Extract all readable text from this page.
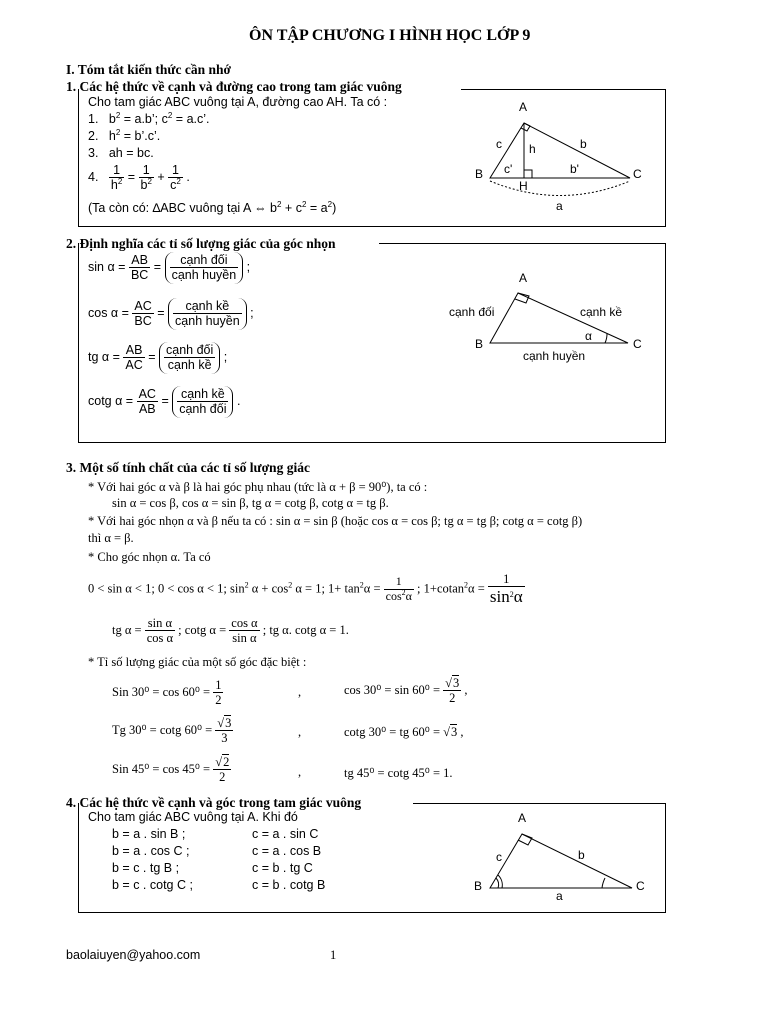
ÔN TẬP CHƯƠNG I HÌNH HỌC LỚP 9
I. Tóm tắt kiến thức cần nhớ
1. Các hệ thức về cạnh và đường cao trong tam giác vuông
Cho tam giác ABC vuông tại A, đường cao AH. Ta có :
1.   $b^2 = a.b$’; $c^2 = a.c$’.
2.   $h^2$ = b’.c’.
3. ah = bc.
4. $\frac{1}{h^2} = \frac{1}{b^2} + \frac{1}{c^2}$ .
(Ta còn có: ∆ABC vuông tại A ⇔ $b^2 + c^2 = a^2$)
A
B	C
H
c	b
h
c'	b'
a
2. Định nghĩa các tỉ số lượng giác của góc nhọn
$\sin \alpha = \frac{AB}{BC} = \frac{\text{cạnh đối}}{\text{cạnh huyền}}$ ;
$\cos \alpha = \frac{AC}{BC} = \frac{\text{cạnh kề}}{\text{cạnh huyền}}$ ;
tg $\alpha = \frac{AB}{AC} = \frac{\text{cạnh đối}}{\text{cạnh kề}}$ ;
cotg $\alpha = \frac{AC}{AB} = \frac{\text{cạnh kề}}{\text{cạnh đối}}$ .
A
B	C
cạnh đối	cạnh kề
cạnh huyền
α
3. Một số tính chất của các tỉ số lượng giác
* Với hai góc α và β là hai góc phụ nhau (tức là α + β = 90⁰), ta có :
sin α = cos β, cos α = sin β, tg α = cotg β, cotg α = tg β.
* Với hai góc nhọn α và β nếu ta có : sin α = sin β (hoặc cos α = cos β; tg α = tg β; cotg α = cotg β)
thì α = β.
* Cho góc nhọn α. Ta có
0 < sin α < 1; 0 < cos α < 1; $\sin^2 \alpha + \cos^2 \alpha = 1$; $1+ \tan^2\alpha = \frac{1}{\cos^2\alpha}$ ; $1+cotan^2\alpha = \frac{1}{\sin^2\alpha}$
tg $\alpha = \frac{\text{sin α}}{\text{cos α}}$ ; cotg $\alpha = \frac{\text{cos α}}{\text{sin α}}$ ; tg α. cotg α = 1.
* Tỉ số lượng giác của một số góc đặc biệt :
Sin $30^0 = \cos 60^0 = \frac{1}{2}$	,	$\cos 30^0 = \sin 60^0 = \frac{√3}{2}$ ,
Tg 30⁰ = cotg $60^0 = \frac{√3}{3}$	,	cotg 30⁰ = tg 60⁰ = √3 ,
Sin $45^0 = \cos 45^0 = \frac{√2}{2}$	,	tg 45⁰ = cotg 45⁰ = 1.
4. Các hệ thức về cạnh và góc trong tam giác vuông
Cho tam giác ABC vuông tại A. Khi đó
b = a . sin B ;	c = a . sin C
b = a . cos C ;	c = a . cos B
b = c . tg B ;	c = b . tg C
b = c . cotg C ;	c = b . cotg B
A
B	C
c	b
a
baolaiuyen@yahoo.com	1
